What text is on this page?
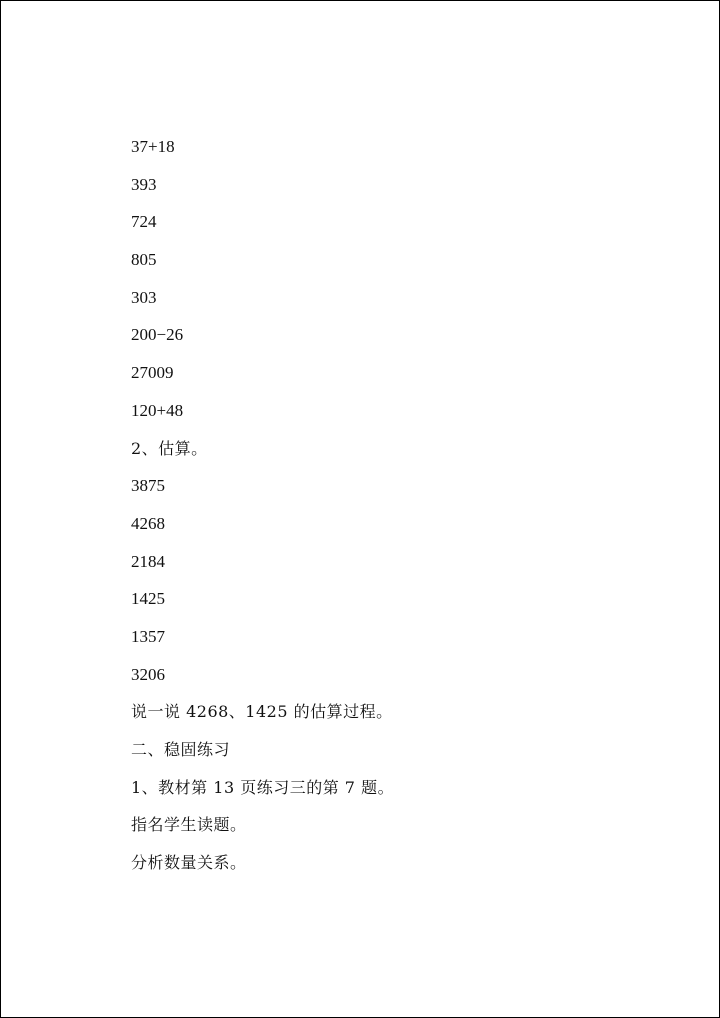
37+18
393
724
805
303
200−26
27009
120+48
2、估算。
3875
4268
2184
1425
1357
3206
说一说 4268、1425 的估算过程。
二、稳固练习
1、教材第 13 页练习三的第 7 题。
指名学生读题。
分析数量关系。
